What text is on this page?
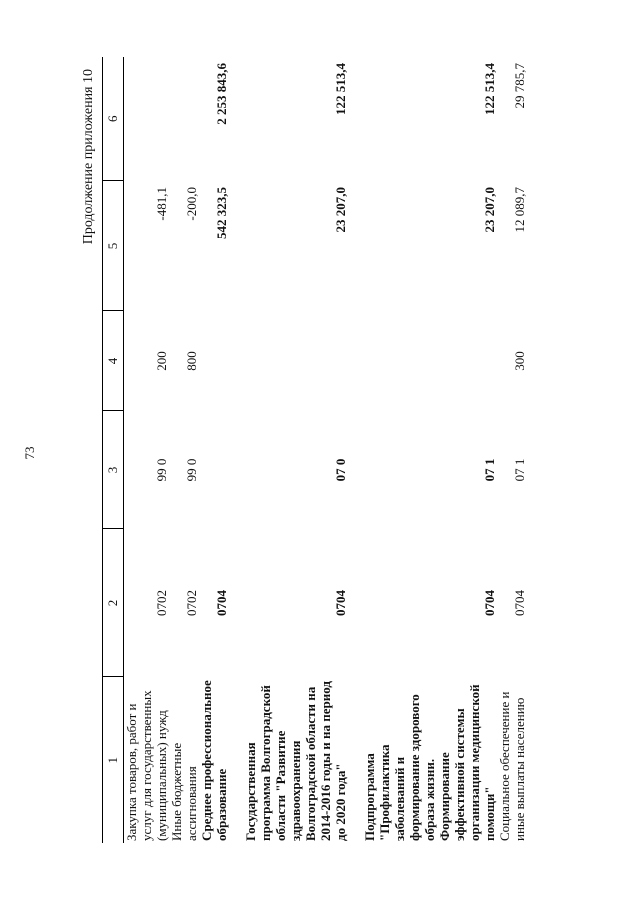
73
Продолжение приложения 10
1	2	3	4	5	6
Закупка товаров, работ и услуг для государственных (муниципальных) нужд	0702	99 0	200	-481,1	
Иные бюджетные ассигнования	0702	99 0	800	-200,0	
Среднее профессиональное образование	0704			542 323,5	2 253 843,6
Государственная программа Волгоградской области "Развитие здравоохранения Волгоградской области на 2014-2016 годы и на период до 2020 года"	0704	07 0		23 207,0	122 513,4
Подпрограмма "Профилактика заболеваний и формирование здорового образа жизни. Формирование эффективной системы организации медицинской помощи"	0704	07 1		23 207,0	122 513,4
Социальное обеспечение и иные выплаты населению	0704	07 1	300	12 089,7	29 785,7
